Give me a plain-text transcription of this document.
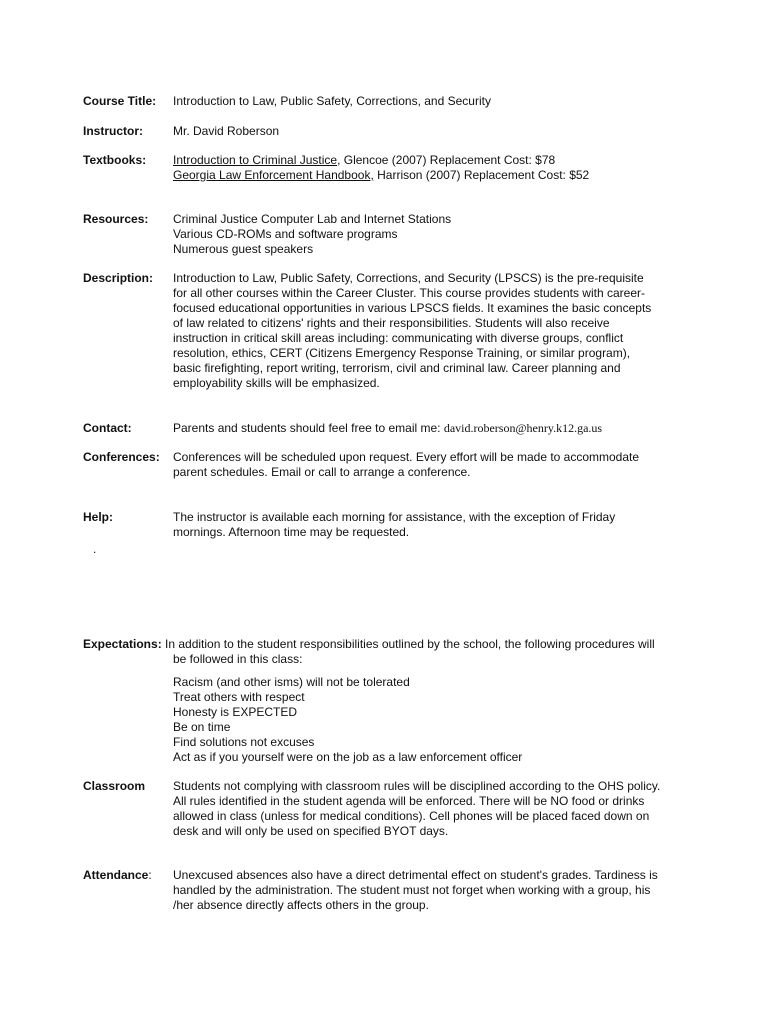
Course Title: Introduction to Law, Public Safety, Corrections, and Security
Instructor:	Mr. David Roberson
Textbooks: Introduction to Criminal Justice, Glencoe (2007) Replacement Cost: $78
Georgia Law Enforcement Handbook, Harrison (2007) Replacement Cost: $52
Resources: Criminal Justice Computer Lab and Internet Stations
Various CD-ROMs and software programs
Numerous guest speakers
Description: Introduction to Law, Public Safety, Corrections, and Security (LPSCS) is the pre-requisite
for all other courses within the Career Cluster. This course provides students with career-
focused educational opportunities in various LPSCS fields. It examines the basic concepts
of law related to citizens' rights and their responsibilities. Students will also receive
instruction in critical skill areas including: communicating with diverse groups, conflict
resolution, ethics, CERT (Citizens Emergency Response Training, or similar program),
basic firefighting, report writing, terrorism, civil and criminal law. Career planning and
employability skills will be emphasized.
Contact:	Parents and students should feel free to email me: david.roberson@henry.k12.ga.us
Conferences: Conferences will be scheduled upon request. Every effort will be made to accommodate
parent schedules. Email or call to arrange a conference.
Help:	The instructor is available each morning for assistance, with the exception of Friday
mornings. Afternoon time may be requested.
.
Expectations: In addition to the student responsibilities outlined by the school, the following procedures will
be followed in this class:
Racism (and other isms) will not be tolerated
Treat others with respect
Honesty is EXPECTED
Be on time
Find solutions not excuses
Act as if you yourself were on the job as a law enforcement officer
Classroom Students not complying with classroom rules will be disciplined according to the OHS policy.
All rules identified in the student agenda will be enforced. There will be NO food or drinks
allowed in class (unless for medical conditions). Cell phones will be placed faced down on
desk and will only be used on specified BYOT days.
Attendance: Unexcused absences also have a direct detrimental effect on student's grades. Tardiness is
handled by the administration. The student must not forget when working with a group, his
/her absence directly affects others in the group.
